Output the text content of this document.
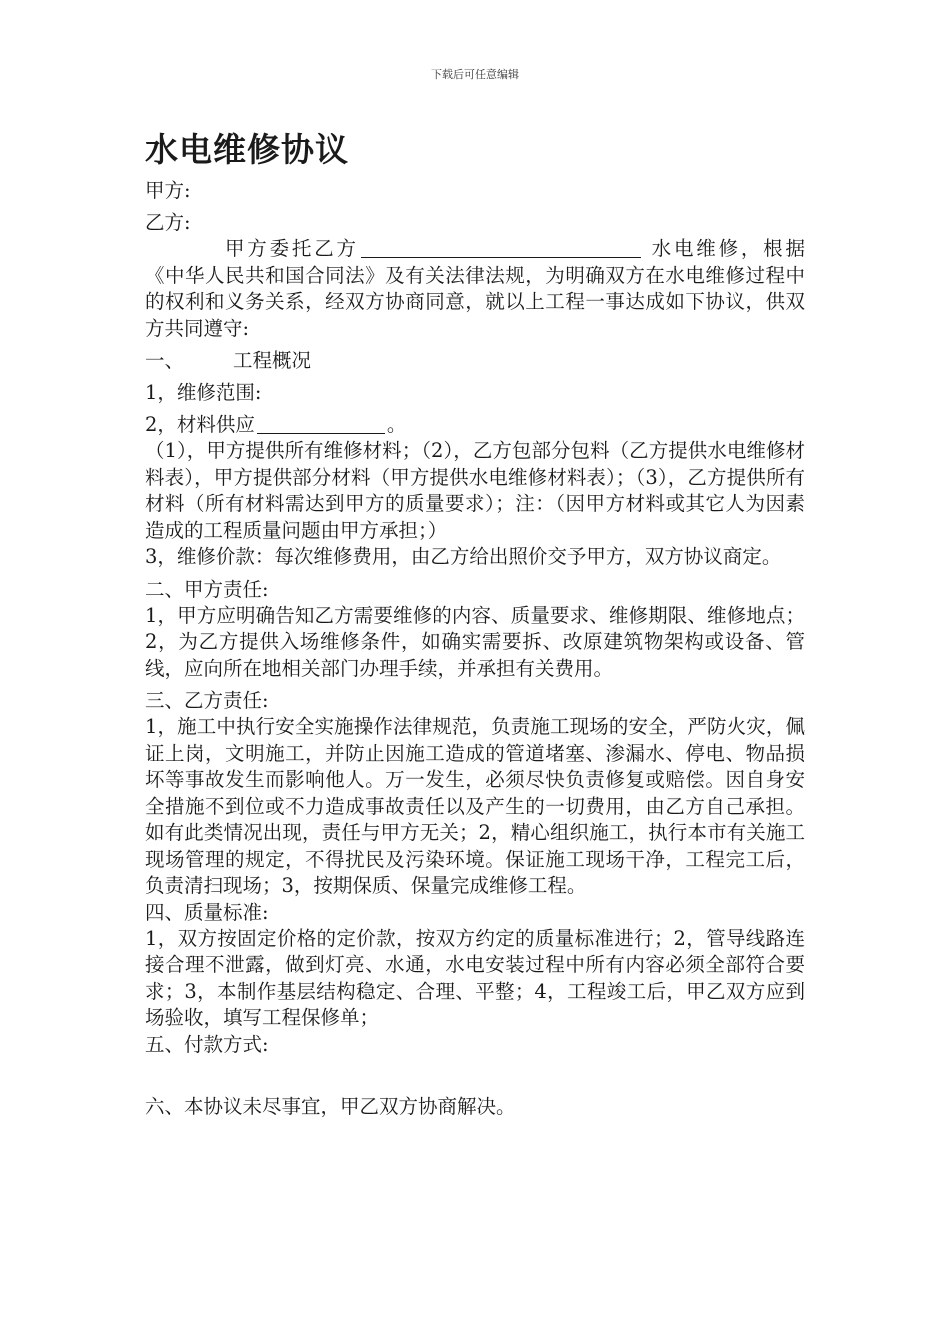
下载后可任意编辑
水电维修协议

甲方:

乙方:

甲方委托乙方	水电维修，根据《中华人民共和国合同法》及有关法律法规，为明确双方在水电维修过程中的权利和义务关系，经双方协商同意，就以上工程一事达成如下协议，供双方共同遵守:

一、	工程概况

1，维修范围:

2，材料供应	。

（1），甲方提供所有维修材料；（2），乙方包部分包料（乙方提供水电维修材料表），甲方提供部分材料（甲方提供水电维修材料表）；（3），乙方提供所有材料（所有材料需达到甲方的质量要求）；注：（因甲方材料或其它人为因素造成的工程质量问题由甲方承担；）

3，维修价款：每次维修费用，由乙方给出照价交予甲方，双方协议商定。

二、甲方责任:

1，甲方应明确告知乙方需要维修的内容、质量要求、维修期限、维修地点；2，为乙方提供入场维修条件，如确实需要拆、改原建筑物架构或设备、管线，应向所在地相关部门办理手续，并承担有关费用。

三、乙方责任:

1，施工中执行安全实施操作法律规范，负责施工现场的安全，严防火灾，佩证上岗，文明施工，并防止因施工造成的管道堵塞、渗漏水、停电、物品损坏等事故发生而影响他人。万一发生，必须尽快负责修复或赔偿。因自身安全措施不到位或不力造成事故责任以及产生的一切费用，由乙方自己承担。如有此类情况出现，责任与甲方无关；2，精心组织施工，执行本市有关施工现场管理的规定，不得扰民及污染环境。保证施工现场干净，工程完工后，负责清扫现场；3，按期保质、保量完成维修工程。

四、质量标准:

1，双方按固定价格的定价款，按双方约定的质量标准进行；2，管导线路连接合理不泄露，做到灯亮、水通，水电安装过程中所有内容必须全部符合要求；3，本制作基层结构稳定、合理、平整；4，工程竣工后，甲乙双方应到场验收，填写工程保修单；

五、付款方式:

六、本协议未尽事宜，甲乙双方协商解决。
